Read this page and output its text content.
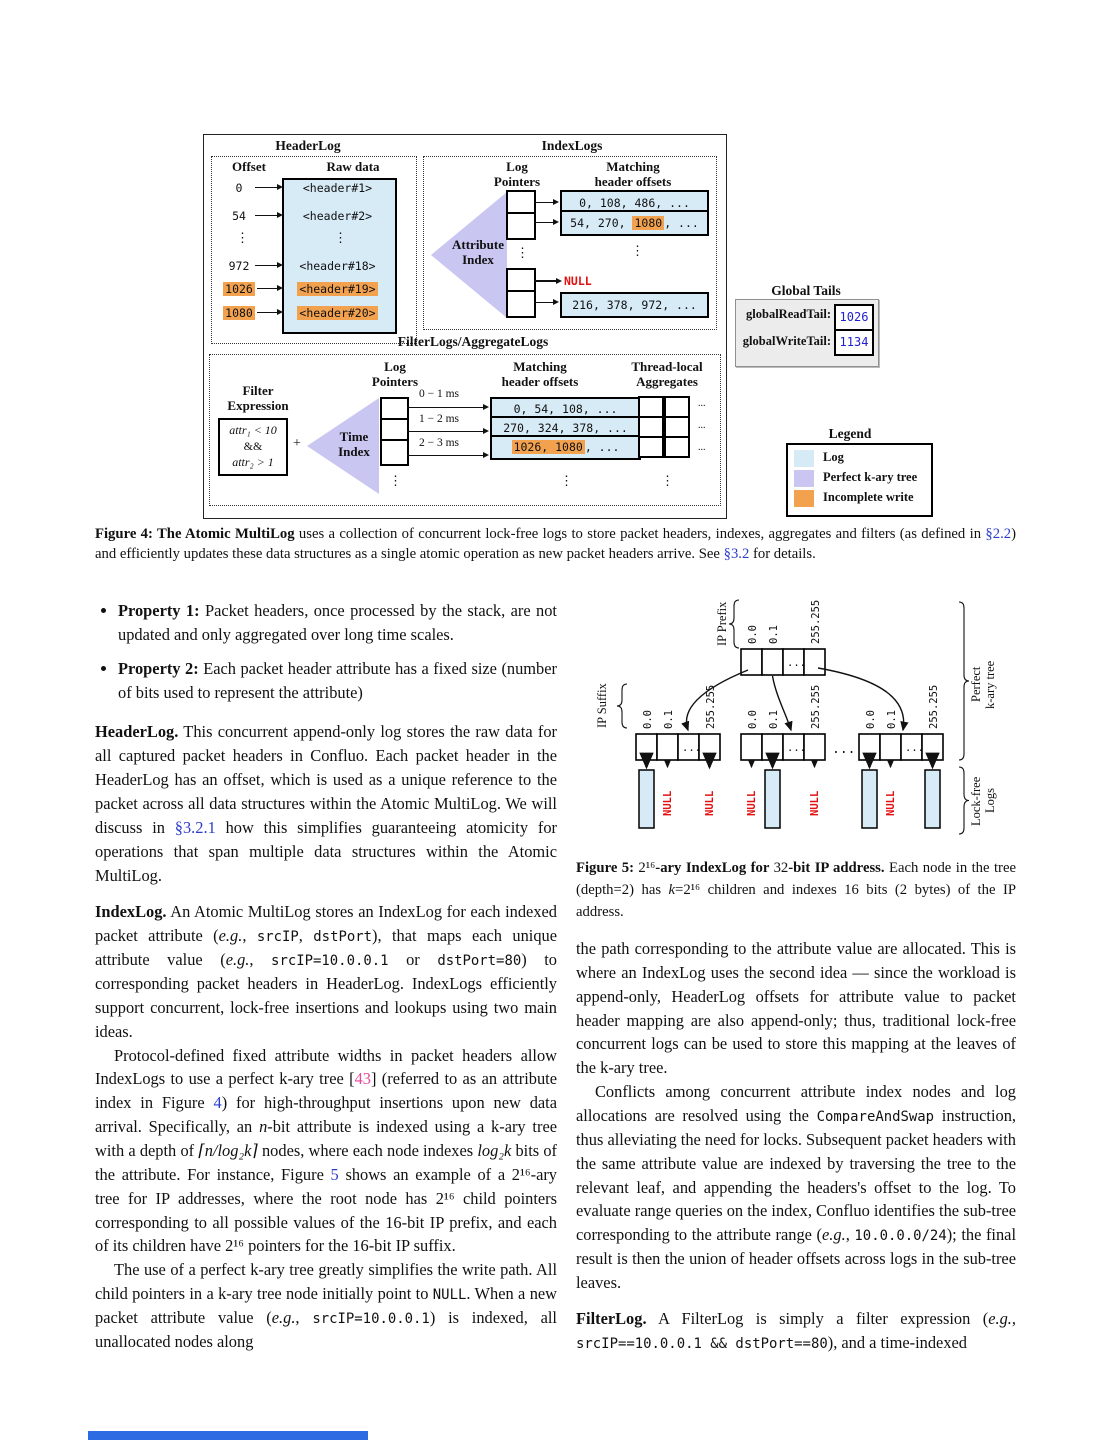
HeaderLog	IndexLogs
Offset	Raw data
0	<header#1>
54	<header#2>
⋮	⋮
972	<header#18>
1026	<header#19>
1080	<header#20>
Log
Pointers
Matching
header offsets
Attribute
Index	⋮
0, 108, 486, ...
54, 270, 1080 , ...
⋮
NULL
216, 378, 972, ...
FilterLogs/AggregateLogs
Log
Pointers
Matching
header offsets
Thread-local
Aggregates
Filter
Expression
attr₁ < 10
&&
attr₂ > 1
+	Time
Index
⋮
0 − 1 ms
1 − 2 ms
2 − 3 ms
0, 54, 108, ...
270, 324, 378, ...
1026, 1080 , ...
⋮
...
...
...
⋮
Global Tails
globalReadTail: 1026
globalWriteTail: 1134
Legend
Log
Perfect k-ary tree
Incomplete write

Figure 4: The Atomic MultiLog uses a collection of concurrent lock-free logs to store packet headers, indexes, aggregates and filters (as defined in §2.2) and efficiently updates these data structures as a single atomic operation as new packet headers arrive. See §3.2 for details.

• Property 1: Packet headers, once processed by the stack, are not updated and only aggregated over long time scales.
• Property 2: Each packet header attribute has a fixed size (number of bits used to represent the attribute)

HeaderLog. This concurrent append-only log stores the raw data for all captured packet headers in Confluo. Each packet header in the HeaderLog has an offset, which is used as a unique reference to the packet across all data structures within the Atomic MultiLog. We will discuss in §3.2.1 how this simplifies guaranteeing atomicity for operations that span multiple data structures within the Atomic MultiLog.

IndexLog. An Atomic MultiLog stores an IndexLog for each indexed packet attribute (e.g., srcIP, dstPort), that maps each unique attribute value (e.g., srcIP=10.0.0.1 or dstPort=80) to corresponding packet headers in HeaderLog. IndexLogs efficiently support concurrent, lock-free insertions and lookups using two main ideas.

Protocol-defined fixed attribute widths in packet headers allow IndexLogs to use a perfect k-ary tree [43] (referred to as an attribute index in Figure 4) for high-throughput insertions upon new data arrival. Specifically, an n-bit attribute is indexed using a k-ary tree with a depth of ⌈n/log₂k⌉ nodes, where each node indexes log₂k bits of the attribute. For instance, Figure 5 shows an example of a 2¹⁶-ary tree for IP addresses, where the root node has 2¹⁶ child pointers corresponding to all possible values of the 16-bit IP prefix, and each of its children have 2¹⁶ pointers for the 16-bit IP suffix.

The use of a perfect k-ary tree greatly simplifies the write path. All child pointers in a k-ary tree node initially point to NULL. When a new packet attribute value (e.g., srcIP=10.0.0.1) is indexed, all unallocated nodes along

...
0.0 0.1	255.255
IP Prefix
...	... ...	...
0.0 0.1	255.255	0.0 0.1	255.255	0.0 0.1	255.255
IP Suffix
NULL	NULL	NULL	NULL	NULL
Perfect k-ary tree
Lock-free Logs

Figure 5: 2¹⁶-ary IndexLog for 32-bit IP address. Each node in the tree (depth=2) has k=2¹⁶ children and indexes 16 bits (2 bytes) of the IP address.

the path corresponding to the attribute value are allocated. This is where an IndexLog uses the second idea — since the workload is append-only, HeaderLog offsets for attribute value to packet header mapping are also append-only; thus, traditional lock-free concurrent logs can be used to store this mapping at the leaves of the k-ary tree.

Conflicts among concurrent attribute index nodes and log allocations are resolved using the CompareAndSwap instruction, thus alleviating the need for locks. Subsequent packet headers with the same attribute value are indexed by traversing the tree to the relevant leaf, and appending the headers's offset to the log. To evaluate range queries on the index, Confluo identifies the sub-tree corresponding to the attribute range (e.g., 10.0.0.0/24); the final result is then the union of header offsets across logs in the sub-tree leaves.

FilterLog. A FilterLog is simply a filter expression (e.g., srcIP==10.0.0.1 && dstPort==80), and a time-indexed
